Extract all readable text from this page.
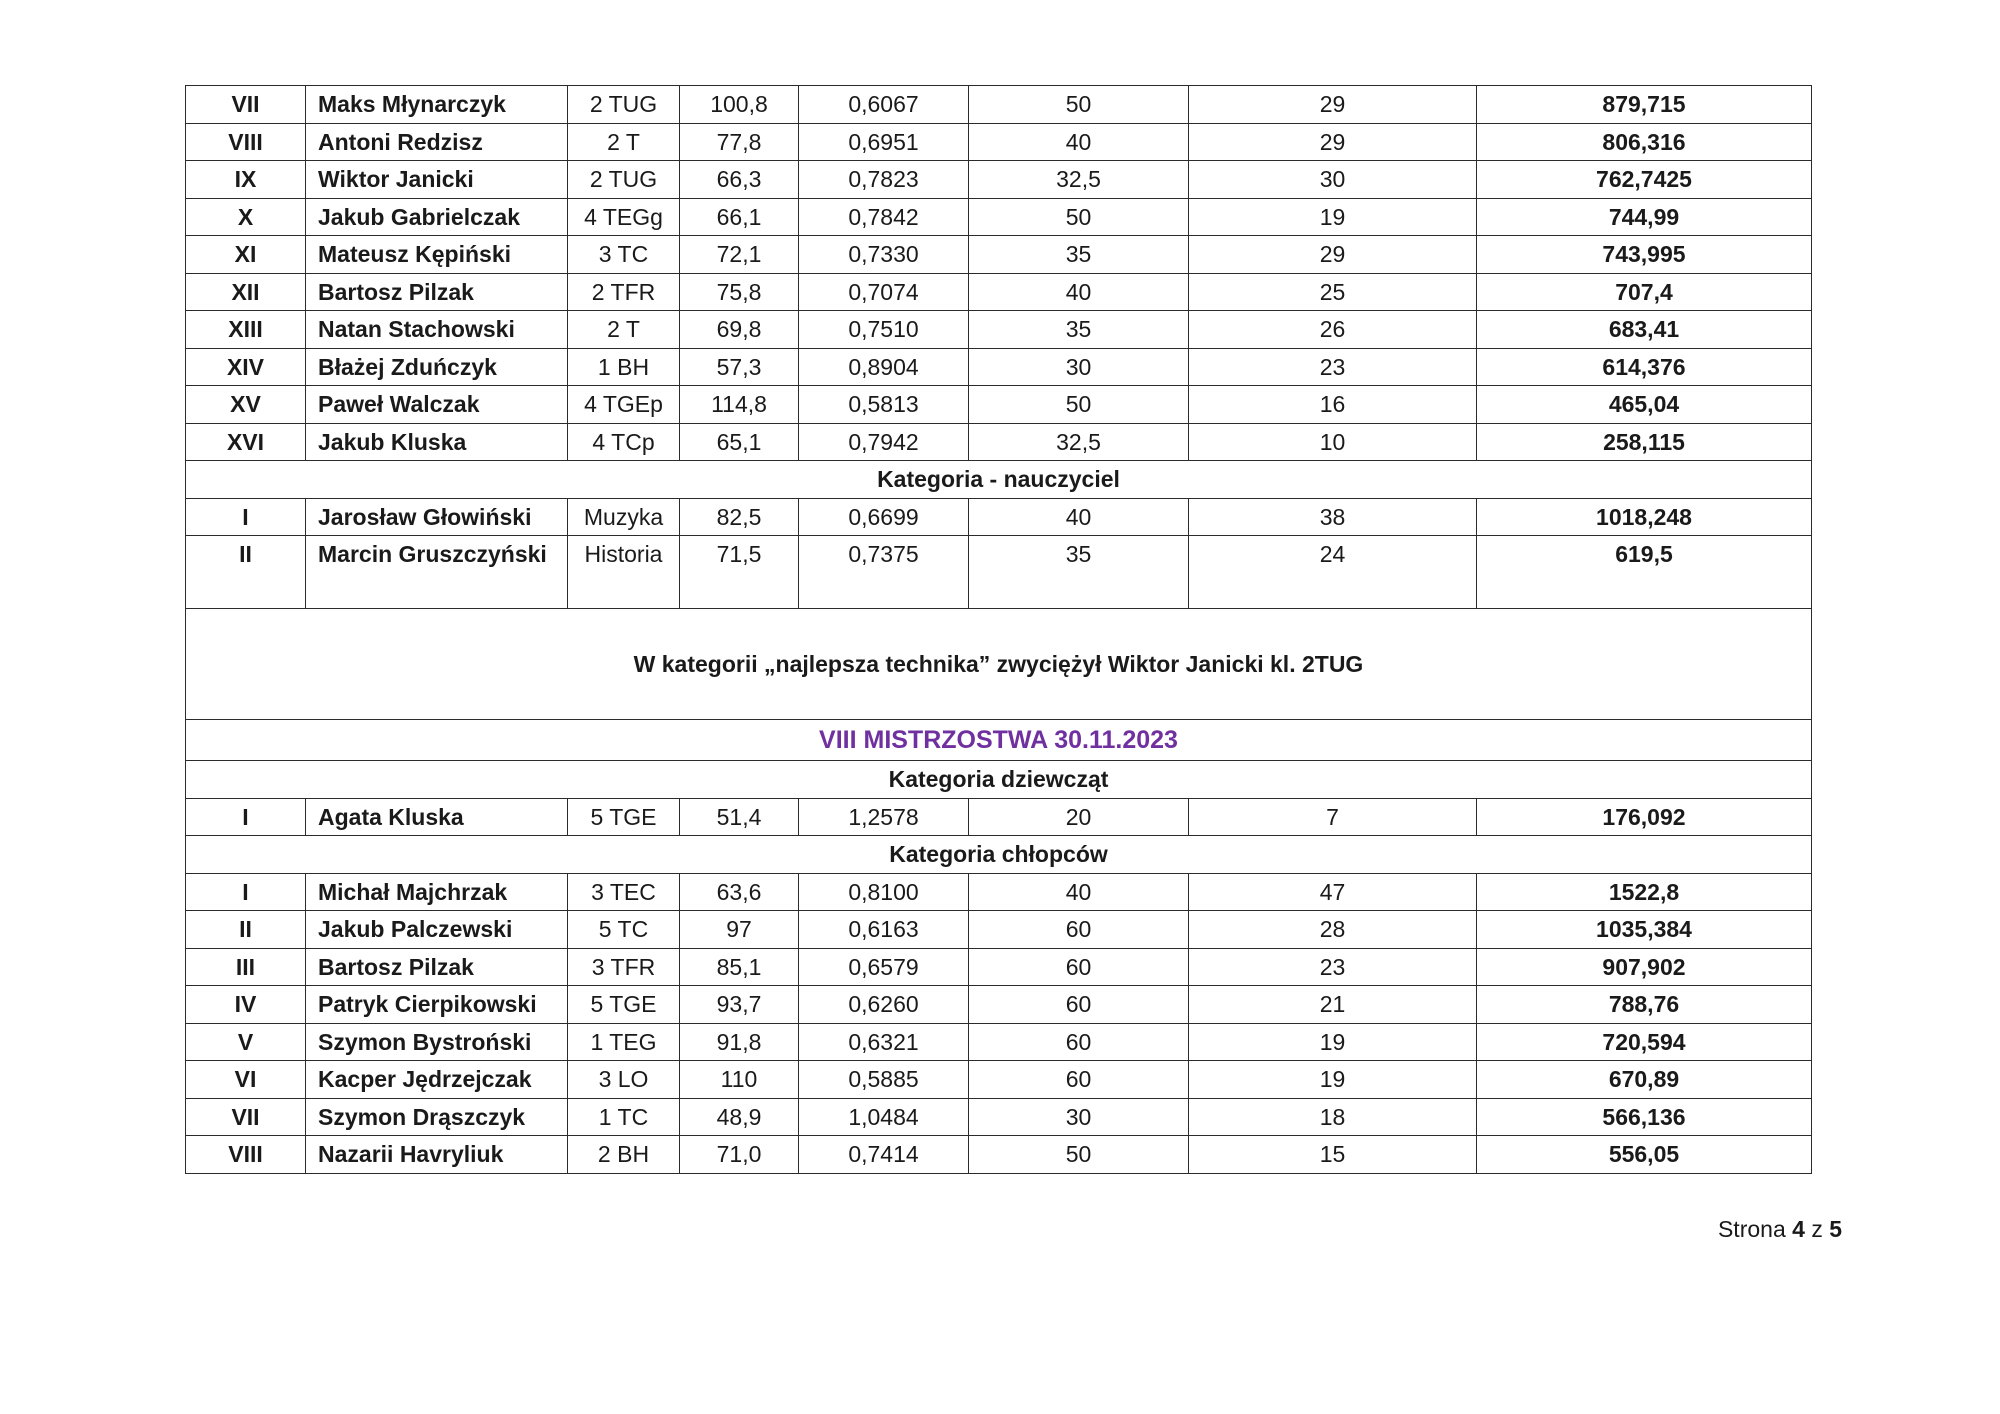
VII	Maks Młynarczyk	2 TUG	100,8	0,6067	50	29	879,715
VIII	Antoni Redzisz	2 T	77,8	0,6951	40	29	806,316
IX	Wiktor Janicki	2 TUG	66,3	0,7823	32,5	30	762,7425
X	Jakub Gabrielczak	4 TEGg	66,1	0,7842	50	19	744,99
XI	Mateusz Kępiński	3 TC	72,1	0,7330	35	29	743,995
XII	Bartosz Pilzak	2 TFR	75,8	0,7074	40	25	707,4
XIII	Natan Stachowski	2 T	69,8	0,7510	35	26	683,41
XIV	Błażej Zduńczyk	1 BH	57,3	0,8904	30	23	614,376
XV	Paweł Walczak	4 TGEp	114,8	0,5813	50	16	465,04
XVI	Jakub Kluska	4 TCp	65,1	0,7942	32,5	10	258,115
Kategoria - nauczyciel							
I	Jarosław Głowiński	Muzyka	82,5	0,6699	40	38	1018,248
II	Marcin Gruszczyński	Historia	71,5	0,7375	35	24	619,5
W kategorii „najlepsza technika” zwyciężył Wiktor Janicki kl. 2TUG							
VIII MISTRZOSTWA 30.11.2023							
Kategoria dziewcząt							
I	Agata Kluska	5 TGE	51,4	1,2578	20	7	176,092
Kategoria chłopców							
I	Michał Majchrzak	3 TEC	63,6	0,8100	40	47	1522,8
II	Jakub Palczewski	5 TC	97	0,6163	60	28	1035,384
III	Bartosz Pilzak	3 TFR	85,1	0,6579	60	23	907,902
IV	Patryk Cierpikowski	5 TGE	93,7	0,6260	60	21	788,76
V	Szymon Bystroński	1 TEG	91,8	0,6321	60	19	720,594
VI	Kacper Jędrzejczak	3 LO	110	0,5885	60	19	670,89
VII	Szymon Drąszczyk	1 TC	48,9	1,0484	30	18	566,136
VIII	Nazarii Havryliuk	2 BH	71,0	0,7414	50	15	556,05
Strona 4 z 5
